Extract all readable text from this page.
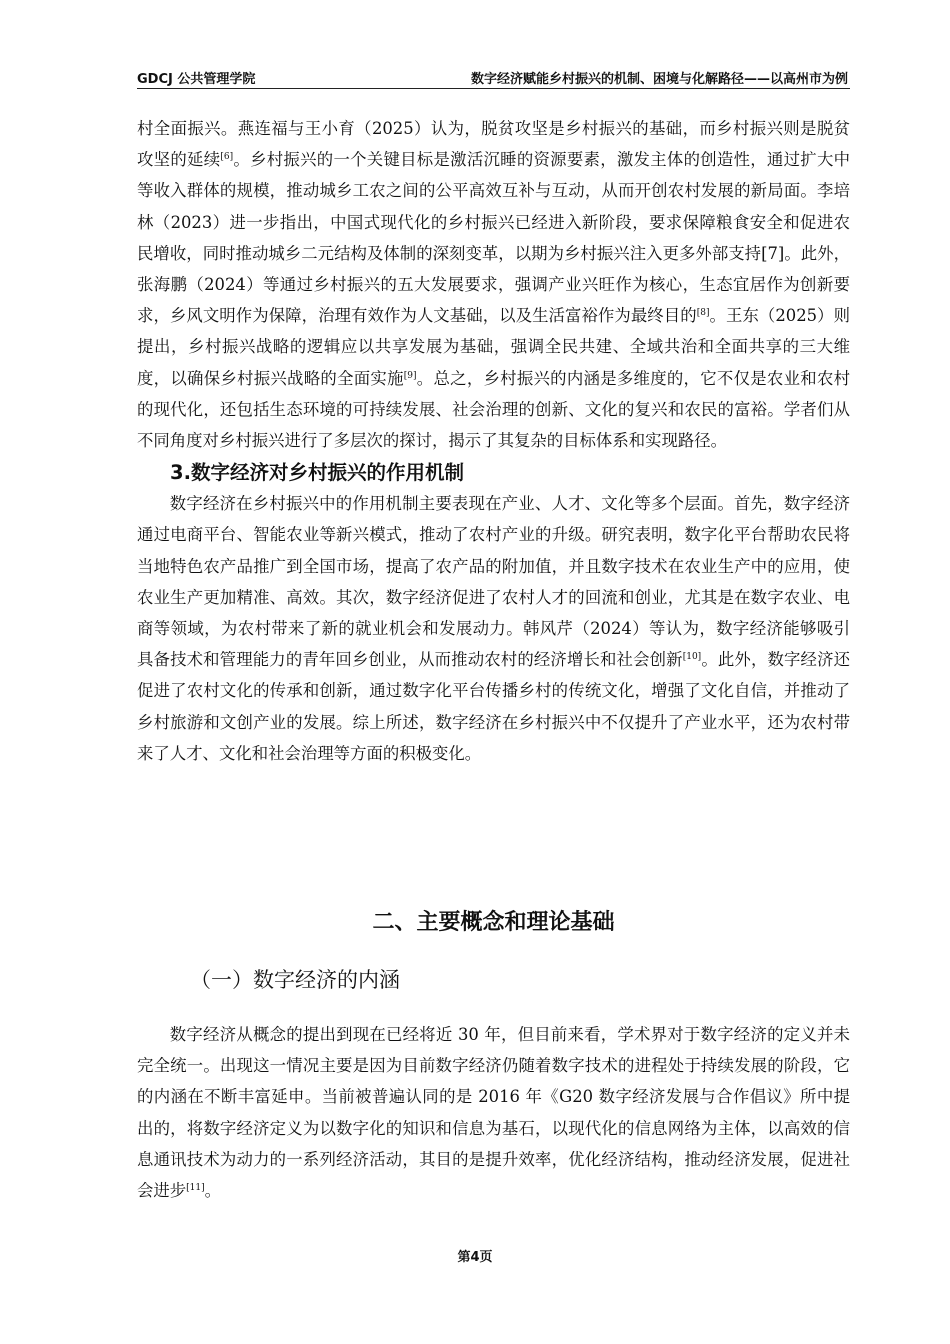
GDCJ 公共管理学院	数字经济赋能乡村振兴的机制、困境与化解路径——以高州市为例

村全面振兴。燕连福与王小育（2025）认为，脱贫攻坚是乡村振兴的基础，而乡村振兴则是脱贫攻坚的延续[6]。乡村振兴的一个关键目标是激活沉睡的资源要素，激发主体的创造性，通过扩大中等收入群体的规模，推动城乡工农之间的公平高效互补与互动，从而开创农村发展的新局面。李培林（2023）进一步指出，中国式现代化的乡村振兴已经进入新阶段，要求保障粮食安全和促进农民增收，同时推动城乡二元结构及体制的深刻变革，以期为乡村振兴注入更多外部支持[7]。此外，张海鹏（2024）等通过乡村振兴的五大发展要求，强调产业兴旺作为核心，生态宜居作为创新要求，乡风文明作为保障，治理有效作为人文基础，以及生活富裕作为最终目的[8]。王东（2025）则提出，乡村振兴战略的逻辑应以共享发展为基础，强调全民共建、全域共治和全面共享的三大维度，以确保乡村振兴战略的全面实施[9]。总之，乡村振兴的内涵是多维度的，它不仅是农业和农村的现代化，还包括生态环境的可持续发展、社会治理的创新、文化的复兴和农民的富裕。学者们从不同角度对乡村振兴进行了多层次的探讨，揭示了其复杂的目标体系和实现路径。

3.数字经济对乡村振兴的作用机制

数字经济在乡村振兴中的作用机制主要表现在产业、人才、文化等多个层面。首先，数字经济通过电商平台、智能农业等新兴模式，推动了农村产业的升级。研究表明，数字化平台帮助农民将当地特色农产品推广到全国市场，提高了农产品的附加值，并且数字技术在农业生产中的应用，使农业生产更加精准、高效。其次，数字经济促进了农村人才的回流和创业，尤其是在数字农业、电商等领域，为农村带来了新的就业机会和发展动力。韩风芹（2024）等认为，数字经济能够吸引具备技术和管理能力的青年回乡创业，从而推动农村的经济增长和社会创新[10]。此外，数字经济还促进了农村文化的传承和创新，通过数字化平台传播乡村的传统文化，增强了文化自信，并推动了乡村旅游和文创产业的发展。综上所述，数字经济在乡村振兴中不仅提升了产业水平，还为农村带来了人才、文化和社会治理等方面的积极变化。

二、主要概念和理论基础
（一）数字经济的内涵

数字经济从概念的提出到现在已经将近 30 年，但目前来看，学术界对于数字经济的定义并未完全统一。出现这一情况主要是因为目前数字经济仍随着数字技术的进程处于持续发展的阶段，它的内涵在不断丰富延申。当前被普遍认同的是 2016 年《G20 数字经济发展与合作倡议》所中提出的，将数字经济定义为以数字化的知识和信息为基石，以现代化的信息网络为主体，以高效的信息通讯技术为动力的一系列经济活动，其目的是提升效率，优化经济结构，推动经济发展，促进社会进步[11]。

第4页
